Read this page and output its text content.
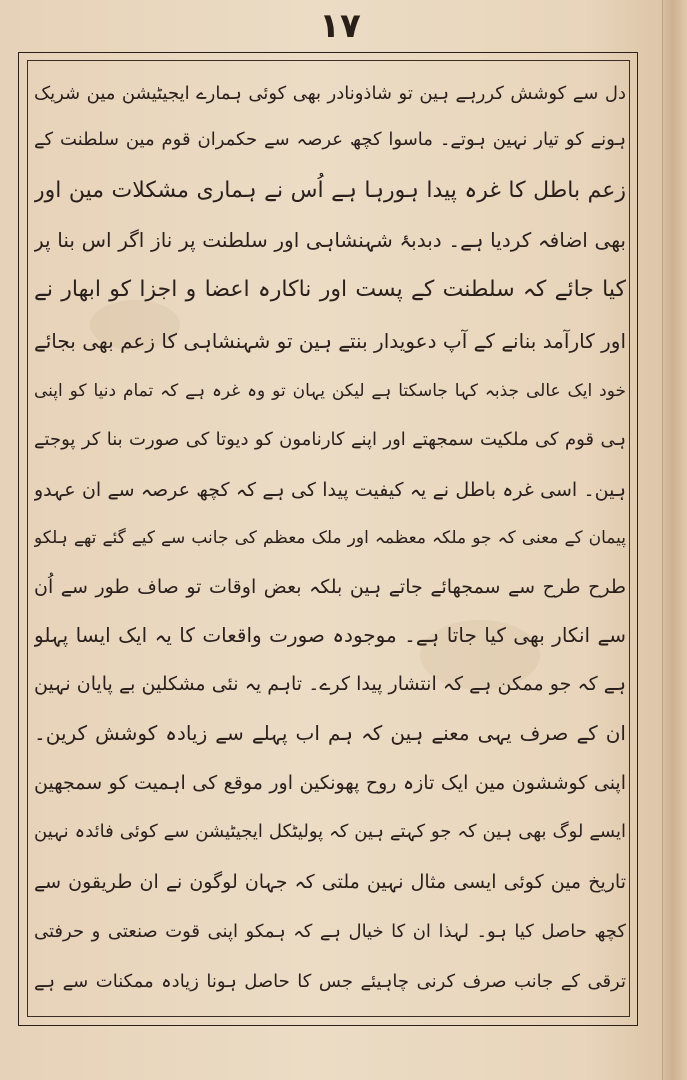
۱۷
دل سے کوشش کررہے ہین تو شاذونادر بھی کوئی ہمارے ایجیٹیشن مین شریک
ہونے کو تیار نہین ہوتے۔ ماسوا کچھ عرصہ سے حکمران قوم مین سلطنت کے
زعم باطل کا غرہ پیدا ہورہا ہے اُس نے ہماری مشکلات مین اور
بھی اضافہ کردیا ہے۔ دبدبۂ شہنشاہی اور سلطنت پر ناز اگر اس بنا پر
کیا جائے کہ سلطنت کے پست اور ناکارہ اعضا و اجزا کو ابھار نے
اور کارآمد بنانے کے آپ دعویدار بنتے ہین تو شہنشاہی کا زعم بھی بجائے
خود ایک عالی جذبہ کہا جاسکتا ہے لیکن یہان تو وہ غرہ ہے کہ تمام دنیا کو اپنی
ہی قوم کی ملکیت سمجھتے اور اپنے کارنامون کو دیوتا کی صورت بنا کر پوجتے
ہین۔ اسی غرہ باطل نے یہ کیفیت پیدا کی ہے کہ کچھ عرصہ سے ان عہدو
پیمان کے معنی کہ جو ملکہ معظمہ اور ملک معظم کی جانب سے کیے گئے تھے ہلکو
طرح طرح سے سمجھائے جاتے ہین بلکہ بعض اوقات تو صاف طور سے اُن
سے انکار بھی کیا جاتا ہے۔ موجودہ صورت واقعات کا یہ ایک ایسا پہلو
ہے کہ جو ممکن ہے کہ انتشار پیدا کرے۔ تاہم یہ نئی مشکلین بے پایان نہین
ان کے صرف یہی معنے ہین کہ ہم اب پہلے سے زیادہ کوشش کرین۔
اپنی کوششون مین ایک تازہ روح پھونکین اور موقع کی اہمیت کو سمجھین
ایسے لوگ بھی ہین کہ جو کہتے ہین کہ پولیٹکل ایجیٹیشن سے کوئی فائدہ نہین
تاریخ مین کوئی ایسی مثال نہین ملتی کہ جہان لوگون نے ان طریقون سے
کچھ حاصل کیا ہو۔ لہذا ان کا خیال ہے کہ ہمکو اپنی قوت صنعتی و حرفتی
ترقی کے جانب صرف کرنی چاہیئے جس کا حاصل ہونا زیادہ ممکنات سے ہے
